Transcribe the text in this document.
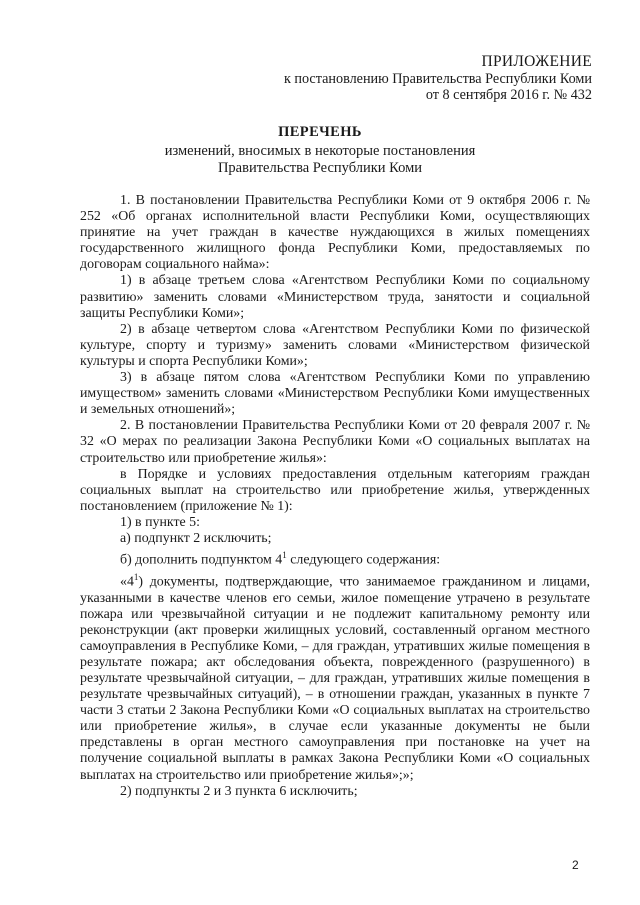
ПРИЛОЖЕНИЕ
к постановлению Правительства Республики Коми
от 8 сентября 2016 г. № 432
ПЕРЕЧЕНЬ
изменений, вносимых в некоторые постановления
Правительства Республики Коми

1. В постановлении Правительства Республики Коми от 9 октября 2006 г. № 252 «Об органах исполнительной власти Республики Коми, осуществляющих принятие на учет граждан в качестве нуждающихся в жилых помещениях государственного жилищного фонда Республики Коми, предоставляемых по договорам социального найма»:

1) в абзаце третьем слова «Агентством Республики Коми по социальному развитию» заменить словами «Министерством труда, занятости и социальной защиты Республики Коми»;

2) в абзаце четвертом слова «Агентством Республики Коми по физической культуре, спорту и туризму» заменить словами «Министерством физической культуры и спорта Республики Коми»;

3) в абзаце пятом слова «Агентством Республики Коми по управлению имуществом» заменить словами «Министерством Республики Коми имущественных и земельных отношений»;

2. В постановлении Правительства Республики Коми от 20 февраля 2007 г. № 32 «О мерах по реализации Закона Республики Коми «О социальных выплатах на строительство или приобретение жилья»:

в Порядке и условиях предоставления отдельным категориям граждан социальных выплат на строительство или приобретение жилья, утвержденных постановлением (приложение № 1):

1) в пункте 5:

а) подпункт 2 исключить;

б) дополнить подпунктом $4^1$ следующего содержания:

«$4^1$) документы, подтверждающие, что занимаемое гражданином и лицами, указанными в качестве членов его семьи, жилое помещение утрачено в результате пожара или чрезвычайной ситуации и не подлежит капитальному ремонту или реконструкции (акт проверки жилищных условий, составленный органом местного самоуправления в Республике Коми, – для граждан, утративших жилые помещения в результате пожара; акт обследования объекта, поврежденного (разрушенного) в результате чрезвычайной ситуации, – для граждан, утративших жилые помещения в результате чрезвычайных ситуаций), – в отношении граждан, указанных в пункте 7 части 3 статьи 2 Закона Республики Коми «О социальных выплатах на строительство или приобретение жилья», в случае если указанные документы не были представлены в орган местного самоуправления при постановке на учет на получение социальной выплаты в рамках Закона Республики Коми «О социальных выплатах на строительство или приобретение жилья»;»;

2) подпункты 2 и 3 пункта 6 исключить;

2
